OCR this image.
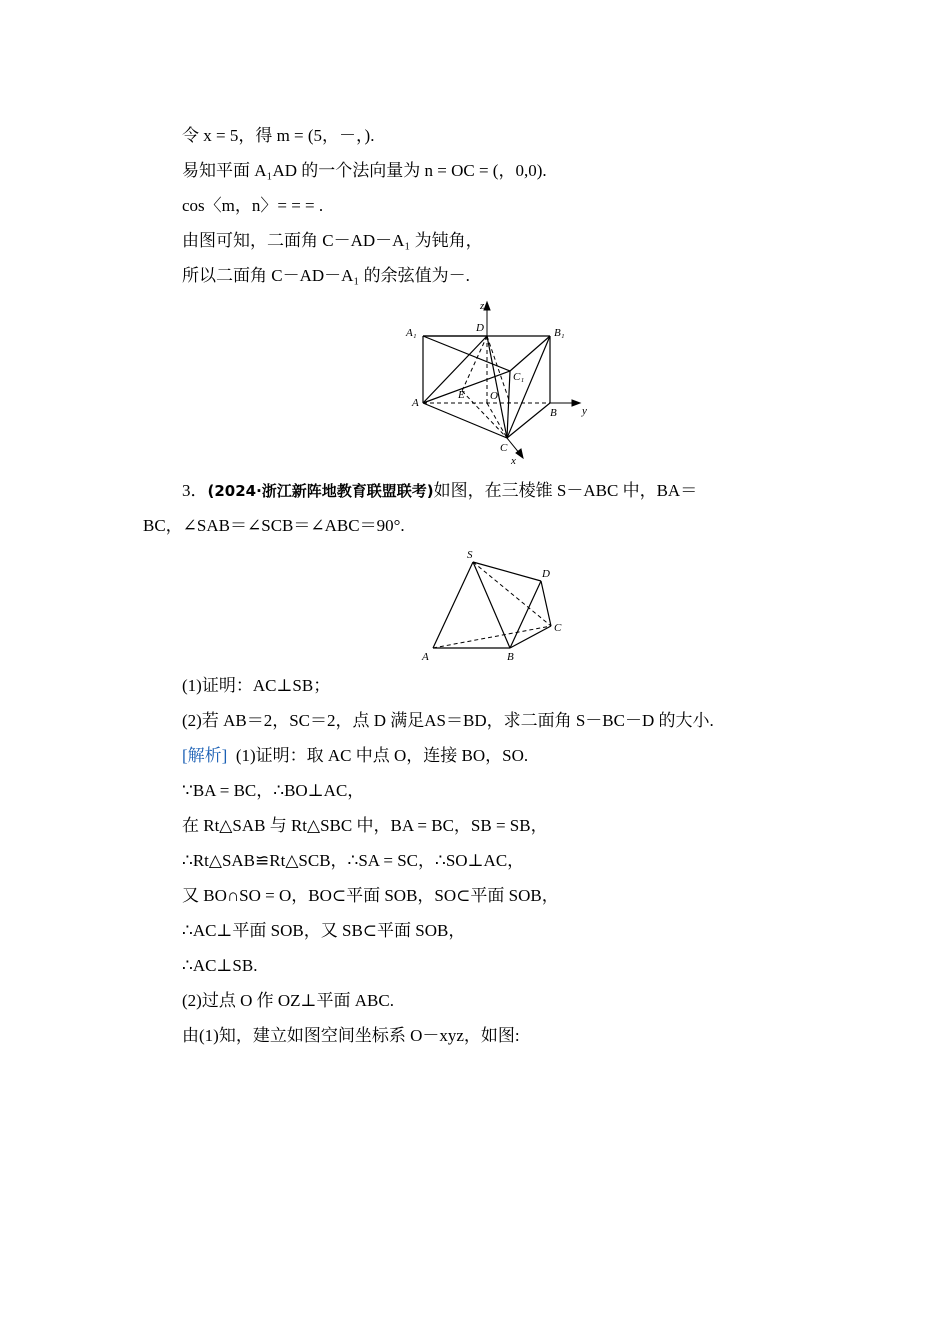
令 x = 5，得 m = (5，－，).
易知平面 A₁AD 的一个法向量为 n = OC = (，0,0).
cos〈m，n〉= = = .
由图可知，二面角 C－AD－A₁ 为钝角，
所以二面角 C－AD－A₁ 的余弦值为－.
z
D
A₁	B₁
C₁
E O
A
B y
C
x
3．(2024·浙江新阵地教育联盟联考)如图，在三棱锥 S－ABC 中，BA＝
BC，∠SAB＝∠SCB＝∠ABC＝90°.
S
D
C
A	B
(1)证明：AC⊥SB；
(2)若 AB＝2，SC＝2，点 D 满足AS＝BD，求二面角 S－BC－D 的大小.
[解析] (1)证明：取 AC 中点 O，连接 BO，SO.
∵BA = BC，∴BO⊥AC，
在 Rt△SAB 与 Rt△SBC 中，BA = BC，SB = SB，
∴Rt△SAB≌Rt△SCB，∴SA = SC，∴SO⊥AC，
又 BO∩SO = O，BO⊂平面 SOB，SO⊂平面 SOB，
∴AC⊥平面 SOB，又 SB⊂平面 SOB，
∴AC⊥SB.
(2)过点 O 作 OZ⊥平面 ABC.
由(1)知，建立如图空间坐标系 O－xyz，如图:
